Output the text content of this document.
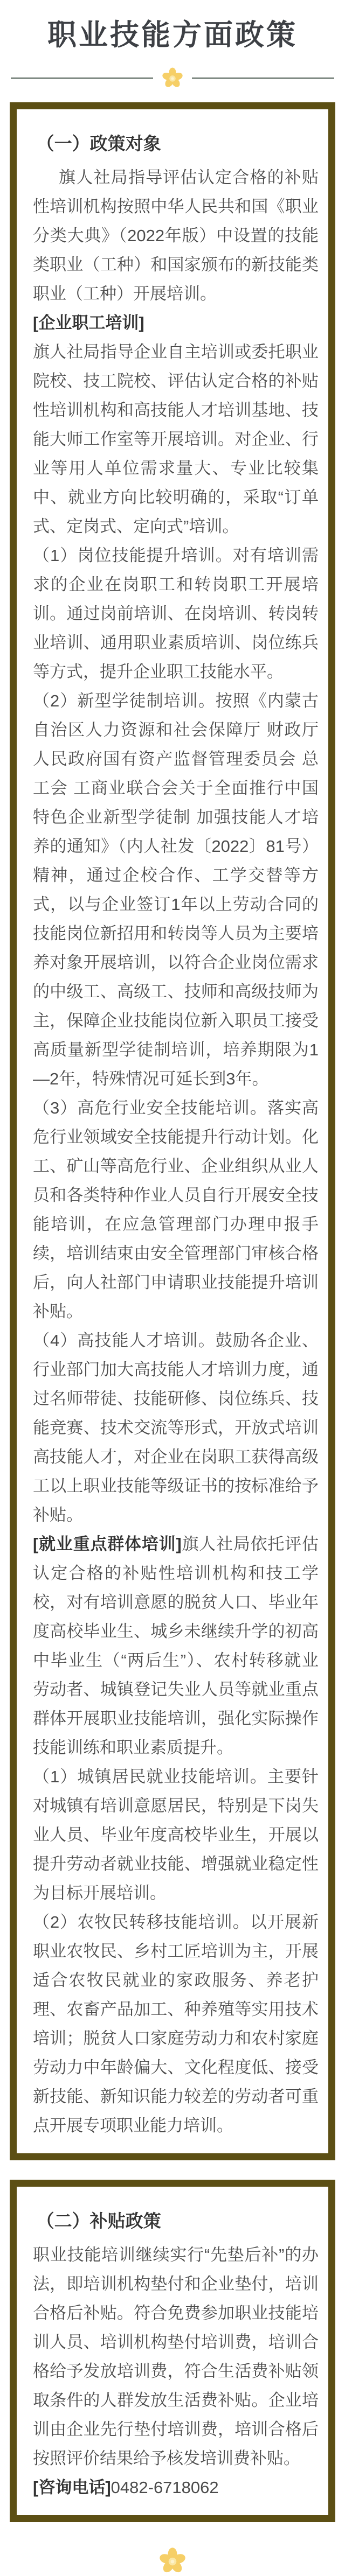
职业技能方面政策
（一）政策对象

旗人社局指导评估认定合格的补贴性培训机构按照中华人民共和国《职业分类大典》（2022年版）中设置的技能类职业（工种）和国家颁布的新技能类职业（工种）开展培训。

[企业职工培训]

旗人社局指导企业自主培训或委托职业院校、技工院校、评估认定合格的补贴性培训机构和高技能人才培训基地、技能大师工作室等开展培训。对企业、行业等用人单位需求量大、专业比较集中、就业方向比较明确的，采取“订单式、定岗式、定向式”培训。

（1）岗位技能提升培训。对有培训需求的企业在岗职工和转岗职工开展培训。通过岗前培训、在岗培训、转岗转业培训、通用职业素质培训、岗位练兵等方式，提升企业职工技能水平。

（2）新型学徒制培训。按照《内蒙古自治区人力资源和社会保障厅 财政厅 人民政府国有资产监督管理委员会 总工会 工商业联合会关于全面推行中国特色企业新型学徒制 加强技能人才培养的通知》（内人社发〔2022〕81号）精神，通过企校合作、工学交替等方式，以与企业签订1年以上劳动合同的技能岗位新招用和转岗等人员为主要培养对象开展培训，以符合企业岗位需求的中级工、高级工、技师和高级技师为主，保障企业技能岗位新入职员工接受高质量新型学徒制培训，培养期限为1—2年，特殊情况可延长到3年。

（3）高危行业安全技能培训。落实高危行业领域安全技能提升行动计划。化工、矿山等高危行业、企业组织从业人员和各类特种作业人员自行开展安全技能培训，在应急管理部门办理申报手续，培训结束由安全管理部门审核合格后，向人社部门申请职业技能提升培训补贴。

（4）高技能人才培训。鼓励各企业、行业部门加大高技能人才培训力度，通过名师带徒、技能研修、岗位练兵、技能竞赛、技术交流等形式，开放式培训高技能人才，对企业在岗职工获得高级工以上职业技能等级证书的按标准给予补贴。

[就业重点群体培训]旗人社局依托评估认定合格的补贴性培训机构和技工学校，对有培训意愿的脱贫人口、毕业年度高校毕业生、城乡未继续升学的初高中毕业生（“两后生”）、农村转移就业劳动者、城镇登记失业人员等就业重点群体开展职业技能培训，强化实际操作技能训练和职业素质提升。

（1）城镇居民就业技能培训。主要针对城镇有培训意愿居民，特别是下岗失业人员、毕业年度高校毕业生，开展以提升劳动者就业技能、增强就业稳定性为目标开展培训。

（2）农牧民转移技能培训。以开展新职业农牧民、乡村工匠培训为主，开展适合农牧民就业的家政服务、养老护理、农畜产品加工、种养殖等实用技术培训；脱贫人口家庭劳动力和农村家庭劳动力中年龄偏大、文化程度低、接受新技能、新知识能力较差的劳动者可重点开展专项职业能力培训。

（二）补贴政策

职业技能培训继续实行“先垫后补”的办法，即培训机构垫付和企业垫付，培训合格后补贴。符合免费参加职业技能培训人员、培训机构垫付培训费，培训合格给予发放培训费，符合生活费补贴领取条件的人群发放生活费补贴。企业培训由企业先行垫付培训费，培训合格后按照评价结果给予核发培训费补贴。

[咨询电话]0482-6718062
